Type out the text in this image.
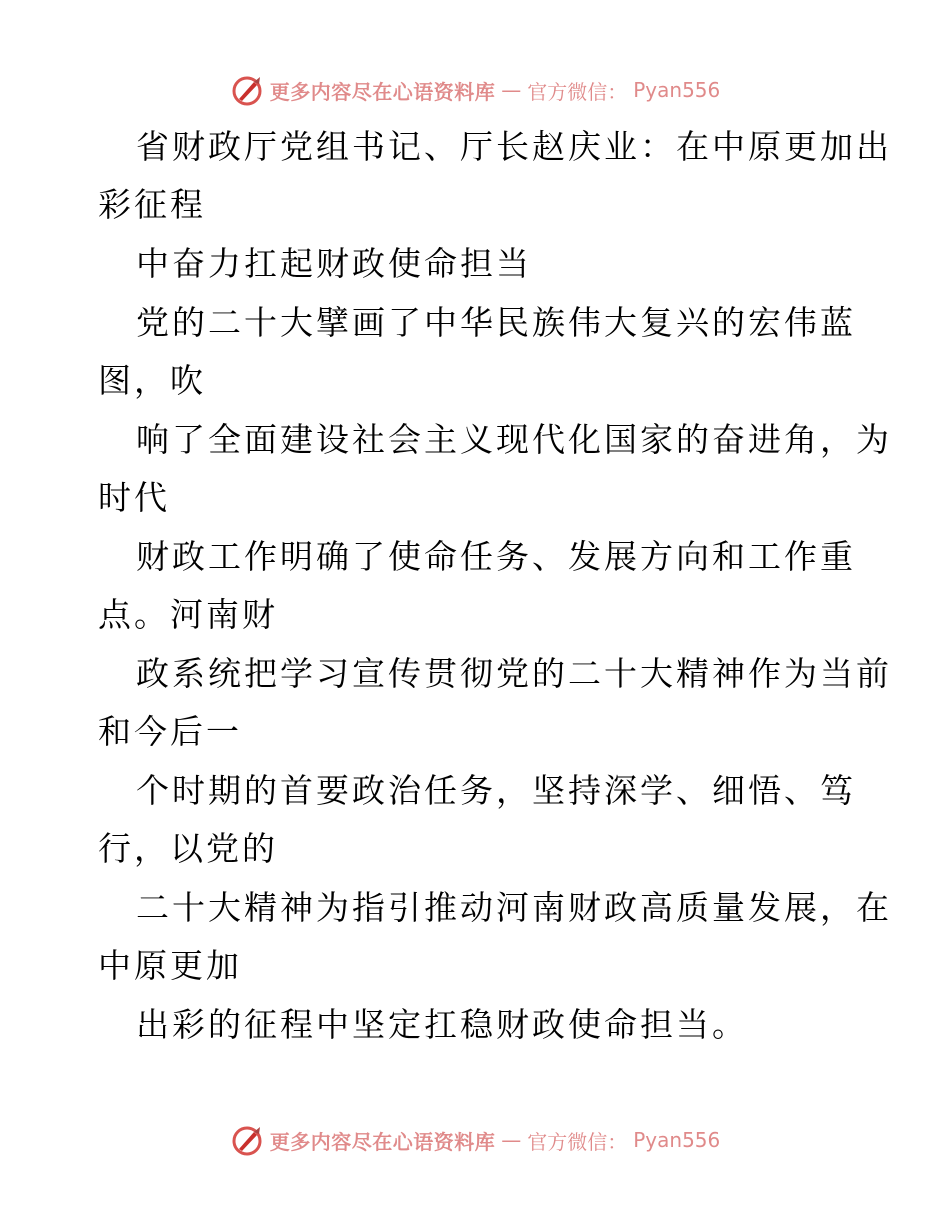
更多内容尽在心语资料库 — 官方微信： Pyan556
省财政厅党组书记、厅长赵庆业：在中原更加出
彩征程
中奋力扛起财政使命担当
党的二十大擘画了中华民族伟大复兴的宏伟蓝
图，吹
响了全面建设社会主义现代化国家的奋进角，为
时代
财政工作明确了使命任务、发展方向和工作重
点。河南财
政系统把学习宣传贯彻党的二十大精神作为当前
和今后一
个时期的首要政治任务，坚持深学、细悟、笃
行，以党的
二十大精神为指引推动河南财政高质量发展，在
中原更加
出彩的征程中坚定扛稳财政使命担当。
更多内容尽在心语资料库 — 官方微信： Pyan556
